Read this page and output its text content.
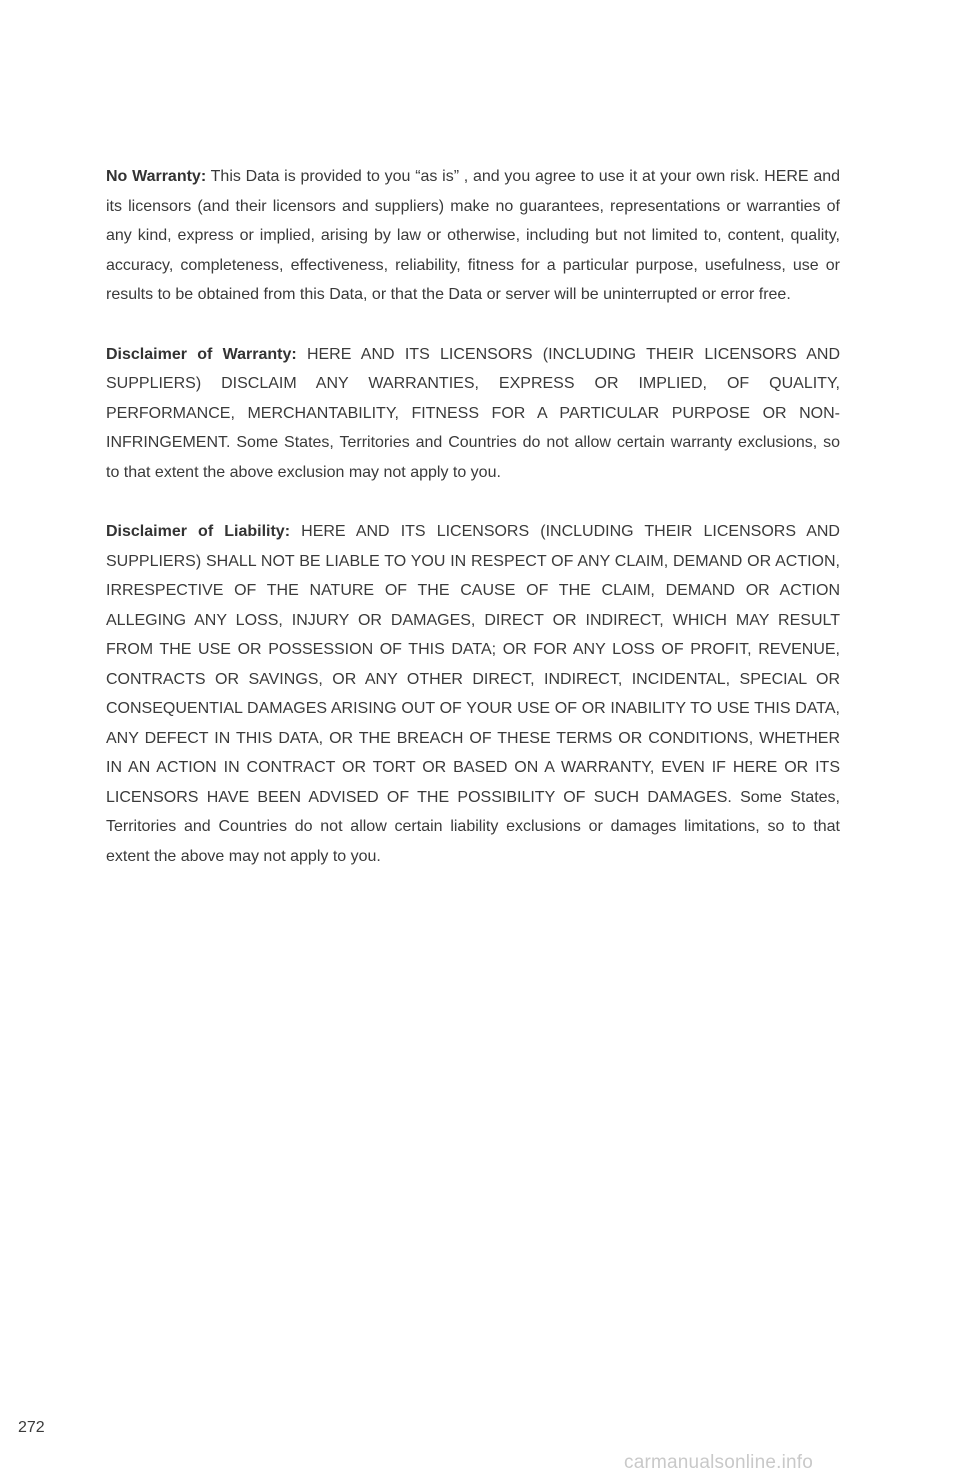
No Warranty: This Data is provided to you “as is” , and you agree to use it at your own risk. HERE and its licensors (and their licensors and suppliers) make no guarantees, representations or warranties of any kind, express or implied, arising by law or otherwise, including but not limited to, content, quality, accuracy, completeness, effectiveness, reliability, fitness for a particular purpose, usefulness, use or results to be obtained from this Data, or that the Data or server will be uninterrupted or error free.

Disclaimer of Warranty: HERE AND ITS LICENSORS (INCLUDING THEIR LICENSORS AND SUPPLIERS) DISCLAIM ANY WARRANTIES, EXPRESS OR IMPLIED, OF QUALITY, PERFORMANCE, MERCHANTABILITY, FITNESS FOR A PARTICULAR PURPOSE OR NON-INFRINGEMENT. Some States, Territories and Countries do not allow certain warranty exclusions, so to that extent the above exclusion may not apply to you.

Disclaimer of Liability: HERE AND ITS LICENSORS (INCLUDING THEIR LICENSORS AND SUPPLIERS) SHALL NOT BE LIABLE TO YOU IN RESPECT OF ANY CLAIM, DEMAND OR ACTION, IRRESPECTIVE OF THE NATURE OF THE CAUSE OF THE CLAIM, DEMAND OR ACTION ALLEGING ANY LOSS, INJURY OR DAMAGES, DIRECT OR INDIRECT, WHICH MAY RESULT FROM THE USE OR POSSESSION OF THIS DATA; OR FOR ANY LOSS OF PROFIT, REVENUE, CONTRACTS OR SAVINGS, OR ANY OTHER DIRECT, INDIRECT, INCIDENTAL, SPECIAL OR CONSEQUENTIAL DAMAGES ARISING OUT OF YOUR USE OF OR INABILITY TO USE THIS DATA, ANY DEFECT IN THIS DATA, OR THE BREACH OF THESE TERMS OR CONDITIONS, WHETHER IN AN ACTION IN CONTRACT OR TORT OR BASED ON A WARRANTY, EVEN IF HERE OR ITS LICENSORS HAVE BEEN ADVISED OF THE POSSIBILITY OF SUCH DAMAGES. Some States, Territories and Countries do not allow certain liability exclusions or damages limitations, so to that extent the above may not apply to you.

272
carmanualsonline.info
